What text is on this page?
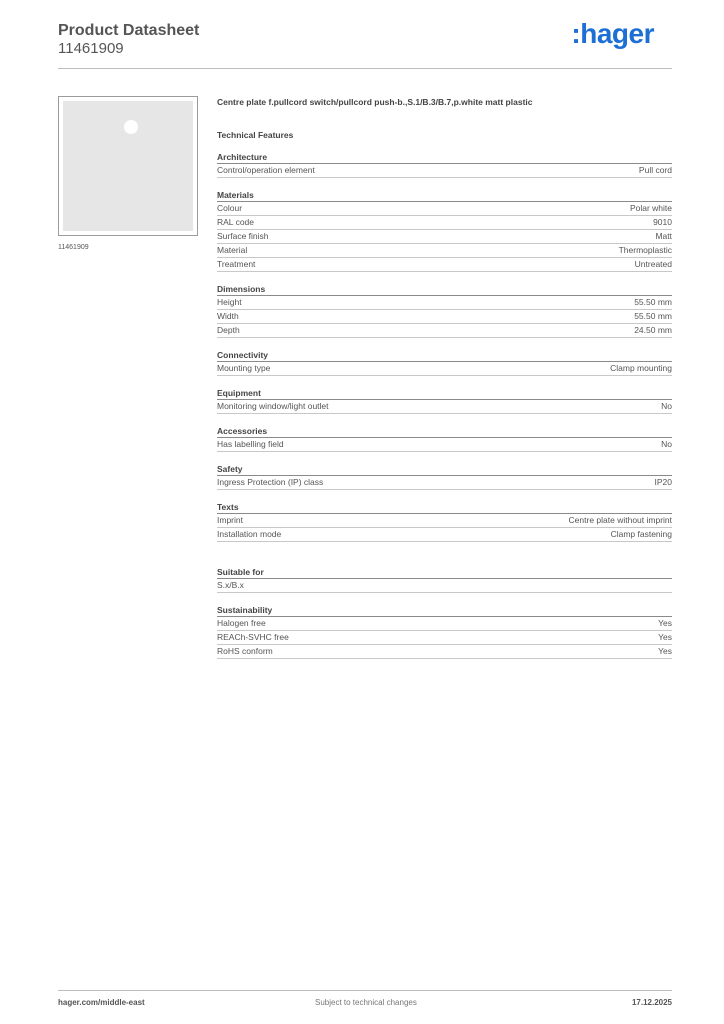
Product Datasheet
11461909	:hager
11461909
Centre plate f.pullcord switch/pullcord push-b.,S.1/B.3/B.7,p.white matt plastic
Technical Features
Architecture
Control/operation element	Pull cord
Materials
Colour	Polar white
RAL code	9010
Surface finish	Matt
Material	Thermoplastic
Treatment	Untreated
Dimensions
Height	55.50 mm
Width	55.50 mm
Depth	24.50 mm
Connectivity
Mounting type	Clamp mounting
Equipment
Monitoring window/light outlet	No
Accessories
Has labelling field	No
Safety
Ingress Protection (IP) class	IP20
Texts
Imprint	Centre plate without imprint
Installation mode	Clamp fastening
Suitable for
S.x/B.x
Sustainability
Halogen free	Yes
REACh-SVHC free	Yes
RoHS conform	Yes
hager.com/middle-east	Subject to technical changes	17.12.2025
